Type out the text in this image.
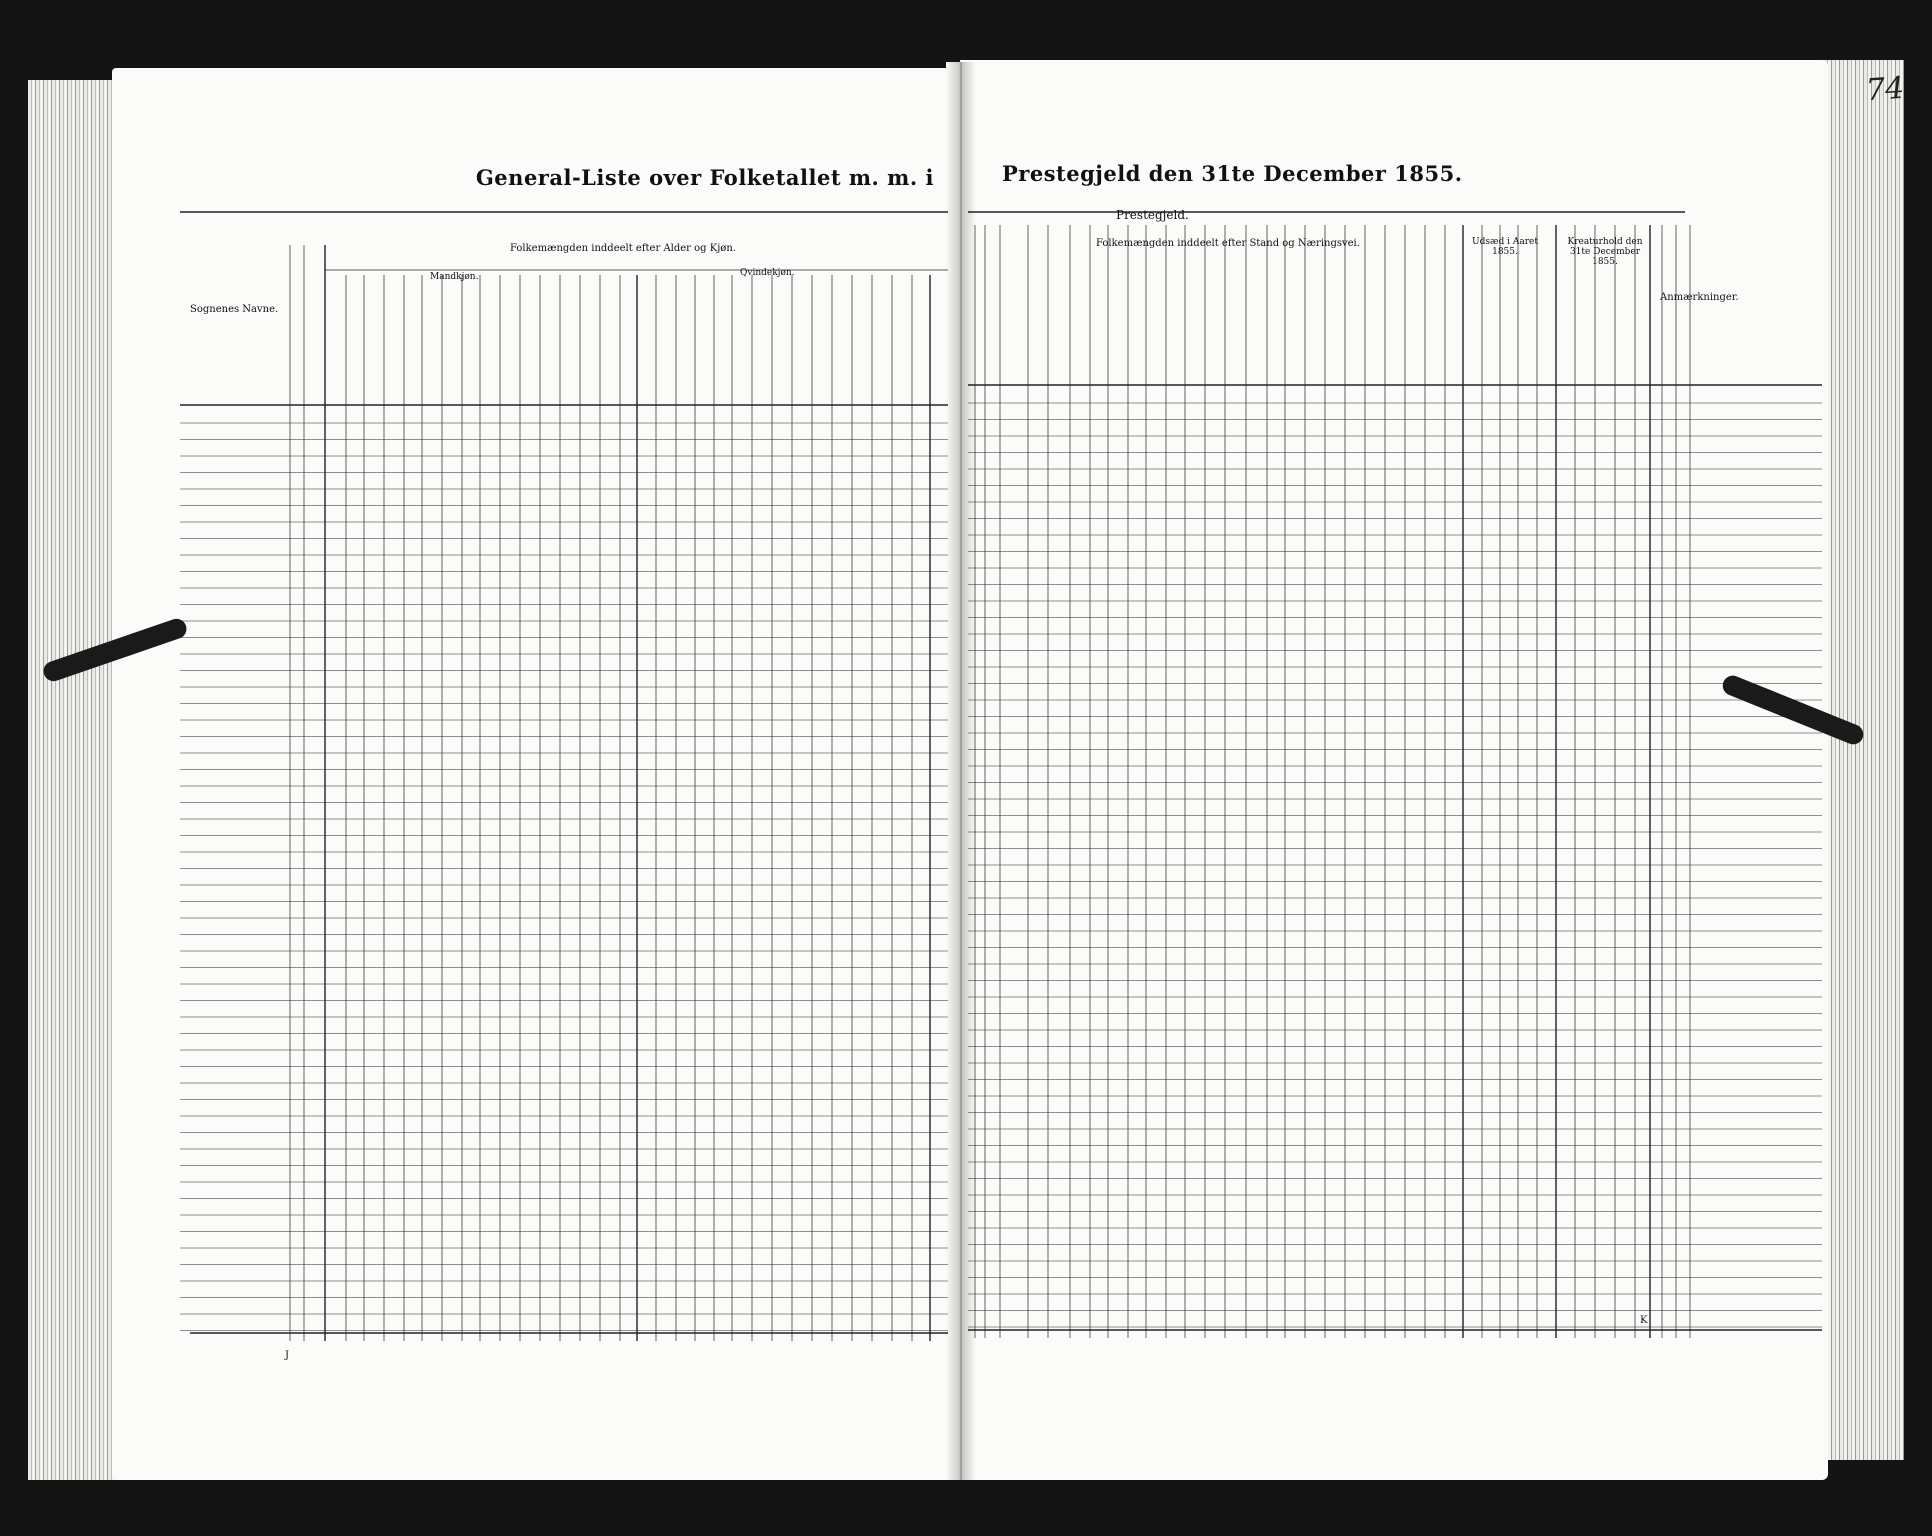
General-Liste over Folketallet m. m. i	Prestegjeld den 31te December 1855.
74
Folkemængden inddeelt efter Alder og Kjøn.	Folkemængden inddeelt efter Stand og Næringsvei.
Prestegjeld.
Sognenes Navne.
Anmærkninger.
Mandkjøn.	Qvindekjøn.
Udsæd i Aaret 1855.
Kreaturhold den 31te December 1855.
J
K
